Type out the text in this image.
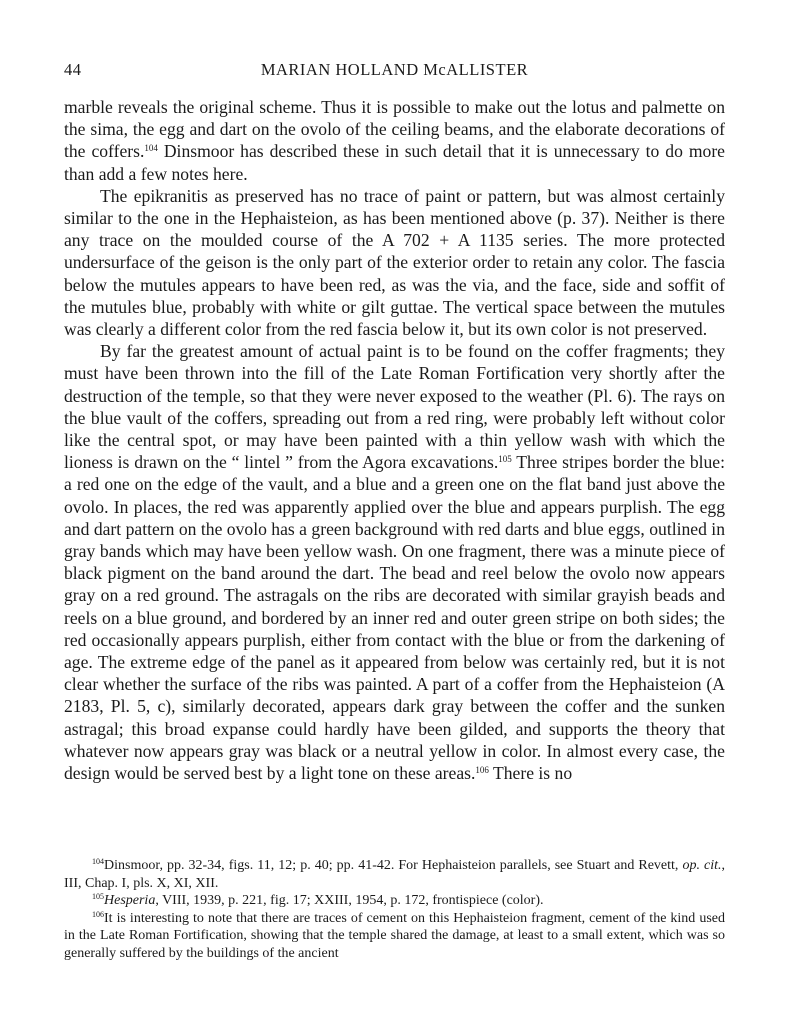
44	MARIAN HOLLAND McALLISTER

marble reveals the original scheme. Thus it is possible to make out the lotus and palmette on the sima, the egg and dart on the ovolo of the ceiling beams, and the elaborate decorations of the coffers.$^{104}$ Dinsmoor has described these in such detail that it is unnecessary to do more than add a few notes here.

The epikranitis as preserved has no trace of paint or pattern, but was almost certainly similar to the one in the Hephaisteion, as has been mentioned above (p. 37). Neither is there any trace on the moulded course of the A 702 + A 1135 series. The more protected undersurface of the geison is the only part of the exterior order to retain any color. The fascia below the mutules appears to have been red, as was the via, and the face, side and soffit of the mutules blue, probably with white or gilt guttae. The vertical space between the mutules was clearly a different color from the red fascia below it, but its own color is not preserved.

By far the greatest amount of actual paint is to be found on the coffer fragments; they must have been thrown into the fill of the Late Roman Fortification very shortly after the destruction of the temple, so that they were never exposed to the weather (Pl. 6). The rays on the blue vault of the coffers, spreading out from a red ring, were probably left without color like the central spot, or may have been painted with a thin yellow wash with which the lioness is drawn on the “ lintel ” from the Agora excavations.$^{105}$ Three stripes border the blue: a red one on the edge of the vault, and a blue and a green one on the flat band just above the ovolo. In places, the red was apparently applied over the blue and appears purplish. The egg and dart pattern on the ovolo has a green background with red darts and blue eggs, outlined in gray bands which may have been yellow wash. On one fragment, there was a minute piece of black pigment on the band around the dart. The bead and reel below the ovolo now appears gray on a red ground. The astragals on the ribs are decorated with similar grayish beads and reels on a blue ground, and bordered by an inner red and outer green stripe on both sides; the red occasionally appears purplish, either from contact with the blue or from the darkening of age. The extreme edge of the panel as it appeared from below was certainly red, but it is not clear whether the surface of the ribs was painted. A part of a coffer from the Hephaisteion (A 2183, Pl. 5, c), similarly decorated, appears dark gray between the coffer and the sunken astragal; this broad expanse could hardly have been gilded, and supports the theory that whatever now appears gray was black or a neutral yellow in color. In almost every case, the design would be served best by a light tone on these areas.$^{106}$ There is no

$^{104}$Dinsmoor, pp. 32-34, figs. 11, 12; p. 40; pp. 41-42. For Hephaisteion parallels, see Stuart and Revett, op. cit., III, Chap. I, pls. X, XI, XII.

$^{105}$Hesperia, VIII, 1939, p. 221, fig. 17; XXIII, 1954, p. 172, frontispiece (color).

$^{106}$It is interesting to note that there are traces of cement on this Hephaisteion fragment, cement of the kind used in the Late Roman Fortification, showing that the temple shared the damage, at least to a small extent, which was so generally suffered by the buildings of the ancient
